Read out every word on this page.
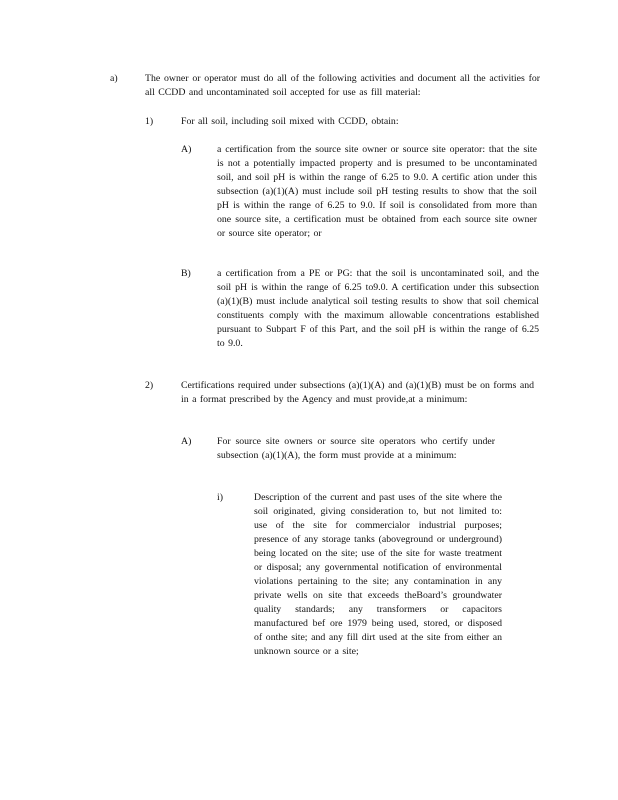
a)	The owner or operator must do all of the following activities and document all the activities for all CCDD and uncontaminated soil accepted for use as fill material:

1)	For all soil, including soil mixed with CCDD, obtain:

A)	a certification from the source site owner or source site operator: that the site is not a potentially impacted property and is presumed to be uncontaminated soil, and soil pH is within the range of 6.25 to 9.0. A certific ation under this subsection (a)(1)(A) must include soil pH testing results to show that the soil pH is within the range of 6.25 to 9.0. If soil is consolidated from more than one source site, a certification must be obtained from each source site owner or source site operator; or

B)	a certification from a PE or PG: that the soil is uncontaminated soil, and the soil pH is within the range of 6.25 to9.0. A certification under this subsection (a)(1)(B) must include analytical soil testing results to show that soil chemical constituents comply with the maximum allowable concentrations established pursuant to Subpart F of this Part, and the soil pH is within the range of 6.25 to 9.0.

2)	Certifications required under subsections (a)(1)(A) and (a)(1)(B) must be on forms and in a format prescribed by the Agency and must provide,at a minimum:

A)	For source site owners or source site operators who certify under subsection (a)(1)(A), the form must provide at a minimum:

i)	Description of the current and past uses of the site where the soil originated, giving consideration to, but not limited to: use of the site for commercialor industrial purposes; presence of any storage tanks (aboveground or underground) being located on the site; use of the site for waste treatment or disposal; any governmental notification of environmental violations pertaining to the site; any contamination in any private wells on site that exceeds theBoard’s groundwater quality standards; any transformers or capacitors manufactured bef ore 1979 being used, stored, or disposed of onthe site; and any fill dirt used at the site from either an unknown source or a site;
